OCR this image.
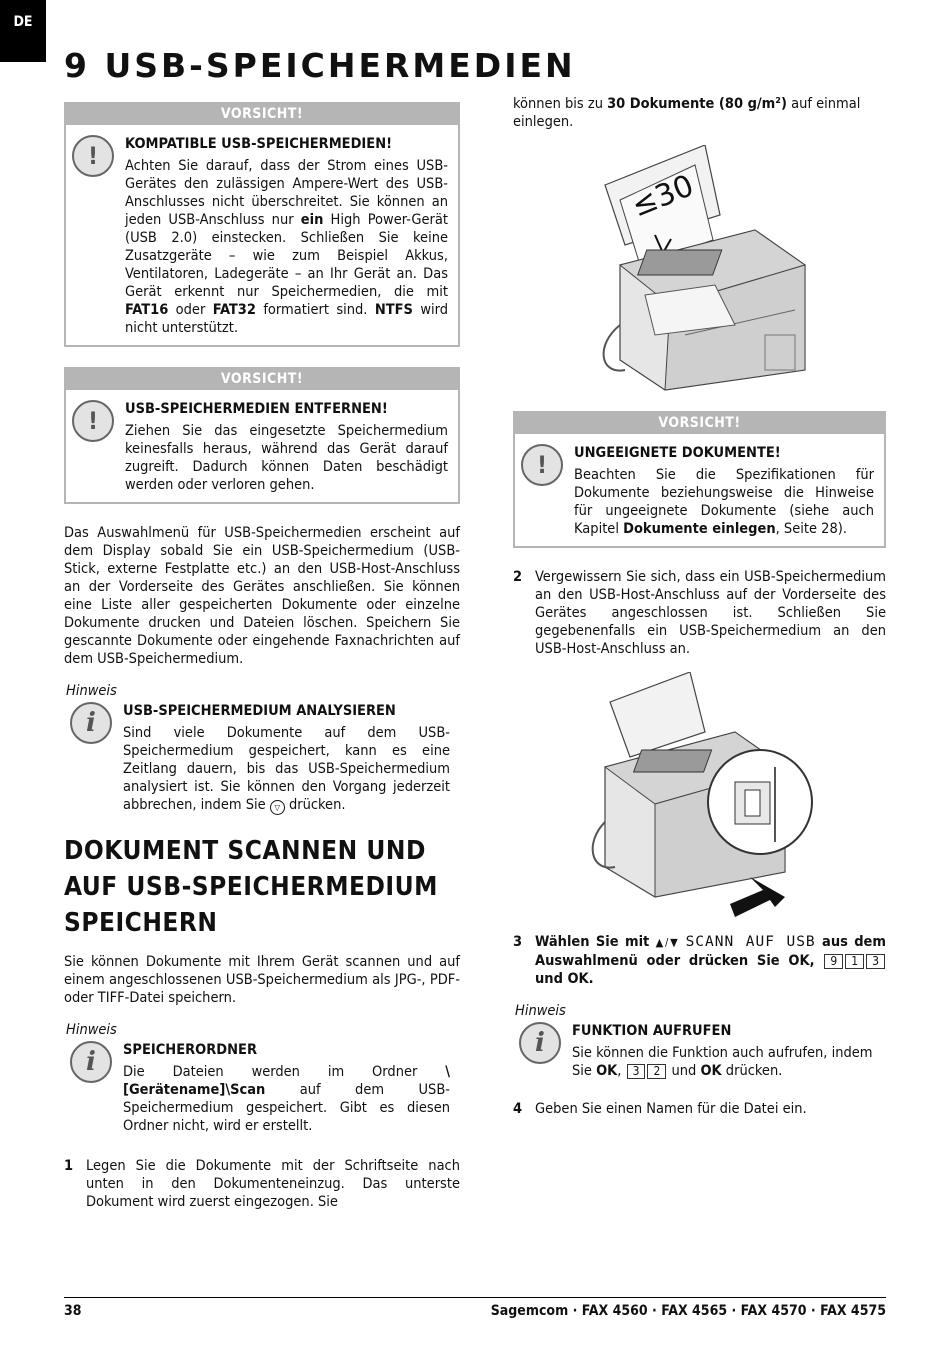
DE
9 USB-SPEICHERMEDIEN
VORSICHT!
!	KOMPATIBLE USB-SPEICHERMEDIEN!

Achten Sie darauf, dass der Strom eines USB-Gerätes den zulässigen Ampere-Wert des USB-Anschlusses nicht überschreitet. Sie können an jeden USB-Anschluss nur ein High Power-Gerät (USB 2.0) einstecken. Schließen Sie keine Zusatzgeräte – wie zum Beispiel Akkus, Ventilatoren, Ladegeräte – an Ihr Gerät an. Das Gerät erkennt nur Speichermedien, die mit FAT16 oder FAT32 formatiert sind. NTFS wird nicht unterstützt.

VORSICHT!
!	USB-SPEICHERMEDIEN ENTFERNEN!

Ziehen Sie das eingesetzte Speichermedium keinesfalls heraus, während das Gerät darauf zugreift. Dadurch können Daten beschädigt werden oder verloren gehen.

Das Auswahlmenü für USB-Speichermedien erscheint auf dem Display sobald Sie ein USB-Speichermedium (USB-Stick, externe Festplatte etc.) an den USB-Host-Anschluss an der Vorderseite des Gerätes anschließen. Sie können eine Liste aller gespeicherten Dokumente oder einzelne Dokumente drucken und Dateien löschen. Speichern Sie gescannte Dokumente oder eingehende Faxnachrichten auf dem USB-Speichermedium.

Hinweis
i	USB-SPEICHERMEDIUM ANALYSIEREN

Sind viele Dokumente auf dem USB-Speichermedium gespeichert, kann es eine Zeitlang dauern, bis das USB-Speichermedium analysiert ist. Sie können den Vorgang jederzeit abbrechen, indem Sie ▽ drücken.

DOKUMENT SCANNEN UND AUF USB-SPEICHERMEDIUM SPEICHERN

Sie können Dokumente mit Ihrem Gerät scannen und auf einem angeschlossenen USB-Speichermedium als JPG-, PDF- oder TIFF-Datei speichern.

Hinweis
i	SPEICHERORDNER

Die Dateien werden im Ordner \[Gerätename]\Scan auf dem USB-Speichermedium gespeichert. Gibt es diesen Ordner nicht, wird er erstellt.

1 Legen Sie die Dokumente mit der Schriftseite nach unten in den Dokumenteneinzug. Das unterste Dokument wird zuerst eingezogen. Sie

können bis zu 30 Dokumente (80 g/m²) auf einmal einlegen.

≤30
VORSICHT!
!	UNGEEIGNETE DOKUMENTE!

Beachten Sie die Spezifikationen für Dokumente beziehungsweise die Hinweise für ungeeignete Dokumente (siehe auch Kapitel Dokumente einlegen, Seite 28).

2 Vergewissern Sie sich, dass ein USB-Speichermedium an den USB-Host-Anschluss auf der Vorderseite des Gerätes angeschlossen ist. Schließen Sie gegebenenfalls ein USB-Speichermedium an den USB-Host-Anschluss an.
3 Wählen Sie mit ▲/▼ SCANN AUF USB aus dem Auswahlmenü oder drücken Sie OK, 9 1 3 und OK.
Hinweis
i	FUNKTION AUFRUFEN

Sie können die Funktion auch aufrufen, indem Sie OK, 3 2 und OK drücken.

4 Geben Sie einen Namen für die Datei ein.
38	Sagemcom · FAX 4560 · FAX 4565 · FAX 4570 · FAX 4575
